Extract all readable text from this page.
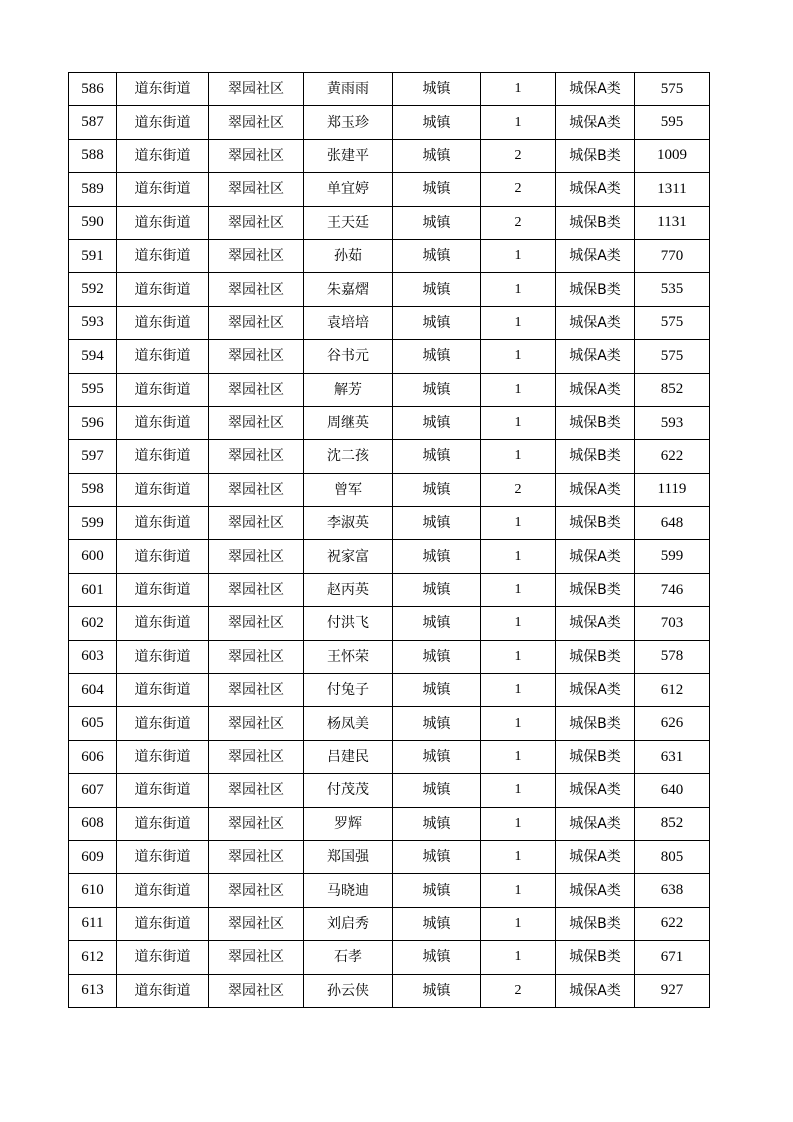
586	道东街道	翠园社区	黄雨雨	城镇	1	城保A类	575
587	道东街道	翠园社区	郑玉珍	城镇	1	城保A类	595
588	道东街道	翠园社区	张建平	城镇	2	城保B类	1009
589	道东街道	翠园社区	单宜婷	城镇	2	城保A类	1311
590	道东街道	翠园社区	王天廷	城镇	2	城保B类	1131
591	道东街道	翠园社区	孙茹	城镇	1	城保A类	770
592	道东街道	翠园社区	朱嘉熠	城镇	1	城保B类	535
593	道东街道	翠园社区	袁培培	城镇	1	城保A类	575
594	道东街道	翠园社区	谷书元	城镇	1	城保A类	575
595	道东街道	翠园社区	解芳	城镇	1	城保A类	852
596	道东街道	翠园社区	周继英	城镇	1	城保B类	593
597	道东街道	翠园社区	沈二孩	城镇	1	城保B类	622
598	道东街道	翠园社区	曾军	城镇	2	城保A类	1119
599	道东街道	翠园社区	李淑英	城镇	1	城保B类	648
600	道东街道	翠园社区	祝家富	城镇	1	城保A类	599
601	道东街道	翠园社区	赵丙英	城镇	1	城保B类	746
602	道东街道	翠园社区	付洪飞	城镇	1	城保A类	703
603	道东街道	翠园社区	王怀荣	城镇	1	城保B类	578
604	道东街道	翠园社区	付兔子	城镇	1	城保A类	612
605	道东街道	翠园社区	杨凤美	城镇	1	城保B类	626
606	道东街道	翠园社区	吕建民	城镇	1	城保B类	631
607	道东街道	翠园社区	付茂茂	城镇	1	城保A类	640
608	道东街道	翠园社区	罗辉	城镇	1	城保A类	852
609	道东街道	翠园社区	郑国强	城镇	1	城保A类	805
610	道东街道	翠园社区	马晓迪	城镇	1	城保A类	638
611	道东街道	翠园社区	刘启秀	城镇	1	城保B类	622
612	道东街道	翠园社区	石孝	城镇	1	城保B类	671
613	道东街道	翠园社区	孙云侠	城镇	2	城保A类	927
